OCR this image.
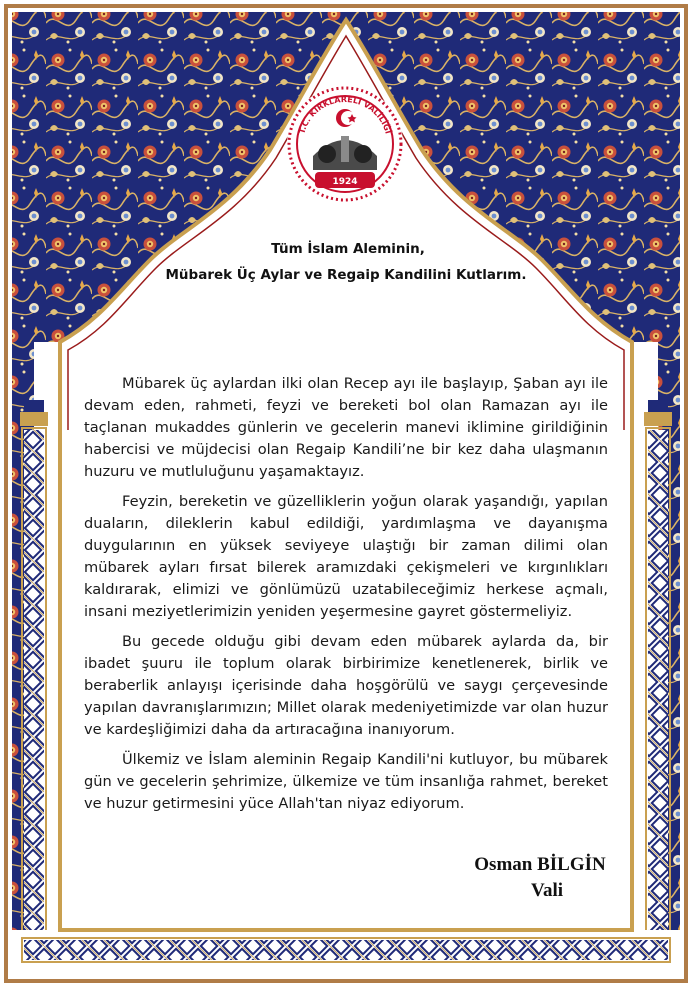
T.C. KIRKLARELİ VALİLİĞİ
1924
Tüm İslam Aleminin,
Mübarek Üç Aylar ve Regaip Kandilini Kutlarım.

Mübarek üç aylardan ilki olan Recep ayı ile başlayıp, Şaban ayı ile devam eden, rahmeti, feyzi ve bereketi bol olan Ramazan ayı ile taçlanan mukaddes günlerin ve gecelerin manevi iklimine girildiğinin habercisi ve müjdecisi olan Regaip Kandili’ne bir kez daha ulaşmanın huzuru ve mutluluğunu yaşamaktayız.

Feyzin, bereketin ve güzelliklerin yoğun olarak yaşandığı, yapılan duaların, dileklerin kabul edildiği, yardımlaşma ve dayanışma duygularının en yüksek seviyeye ulaştığı bir zaman dilimi olan mübarek ayları fırsat bilerek aramızdaki çekişmeleri ve kırgınlıkları kaldırarak, elimizi ve gönlümüzü uzatabileceğimiz herkese açmalı, insani meziyetlerimizin yeniden yeşermesine gayret göstermeliyiz.

Bu gecede olduğu gibi devam eden mübarek aylarda da, bir ibadet şuuru ile toplum olarak birbirimize kenetlenerek, birlik ve beraberlik anlayışı içerisinde daha hoşgörülü ve saygı çerçevesinde yapılan davranışlarımızın; Millet olarak medeniyetimizde var olan huzur ve kardeşliğimizi daha da artıracağına inanıyorum.

Ülkemiz ve İslam aleminin Regaip Kandili'ni kutluyor, bu mübarek gün ve gecelerin şehrimize, ülkemize ve tüm insanlığa rahmet, bereket ve huzur getirmesini yüce Allah'tan niyaz ediyorum.

Osman BİLGİN
Vali
